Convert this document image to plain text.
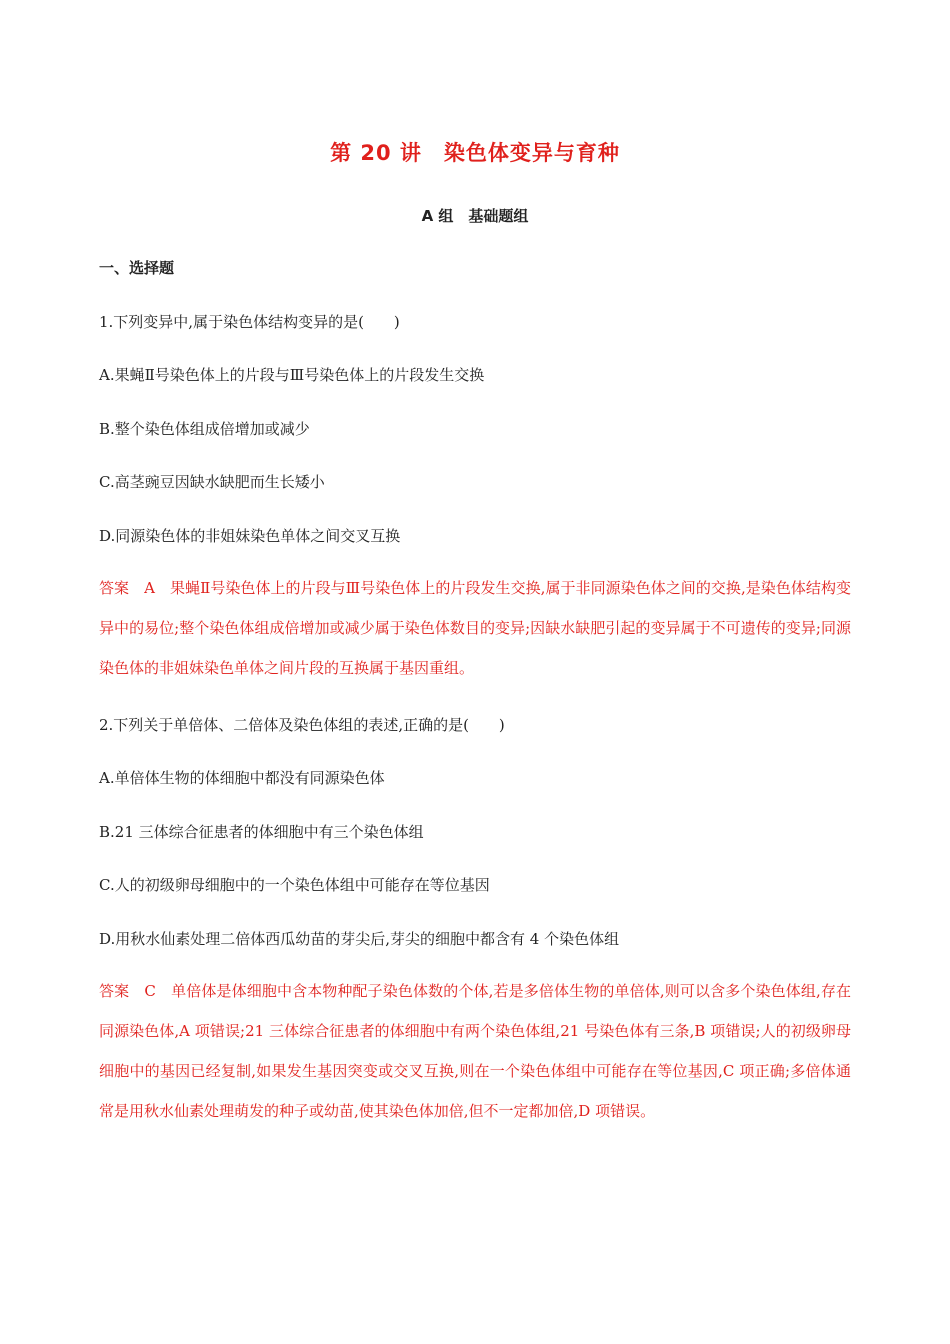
第 20 讲　染色体变异与育种
A 组　基础题组
一、选择题
1.下列变异中,属于染色体结构变异的是(　　)
A.果蝇Ⅱ号染色体上的片段与Ⅲ号染色体上的片段发生交换
B.整个染色体组成倍增加或减少
C.高茎豌豆因缺水缺肥而生长矮小
D.同源染色体的非姐妹染色单体之间交叉互换
答案　A　果蝇Ⅱ号染色体上的片段与Ⅲ号染色体上的片段发生交换,属于非同源染色体之间的交换,是染色体结构变异中的易位;整个染色体组成倍增加或减少属于染色体数目的变异;因缺水缺肥引起的变异属于不可遗传的变异;同源染色体的非姐妹染色单体之间片段的互换属于基因重组。
2.下列关于单倍体、二倍体及染色体组的表述,正确的是(　　)
A.单倍体生物的体细胞中都没有同源染色体
B.21 三体综合征患者的体细胞中有三个染色体组
C.人的初级卵母细胞中的一个染色体组中可能存在等位基因
D.用秋水仙素处理二倍体西瓜幼苗的芽尖后,芽尖的细胞中都含有 4 个染色体组
答案　C　单倍体是体细胞中含本物种配子染色体数的个体,若是多倍体生物的单倍体,则可以含多个染色体组,存在同源染色体,A 项错误;21 三体综合征患者的体细胞中有两个染色体组,21 号染色体有三条,B 项错误;人的初级卵母细胞中的基因已经复制,如果发生基因突变或交叉互换,则在一个染色体组中可能存在等位基因,C 项正确;多倍体通常是用秋水仙素处理萌发的种子或幼苗,使其染色体加倍,但不一定都加倍,D 项错误。
